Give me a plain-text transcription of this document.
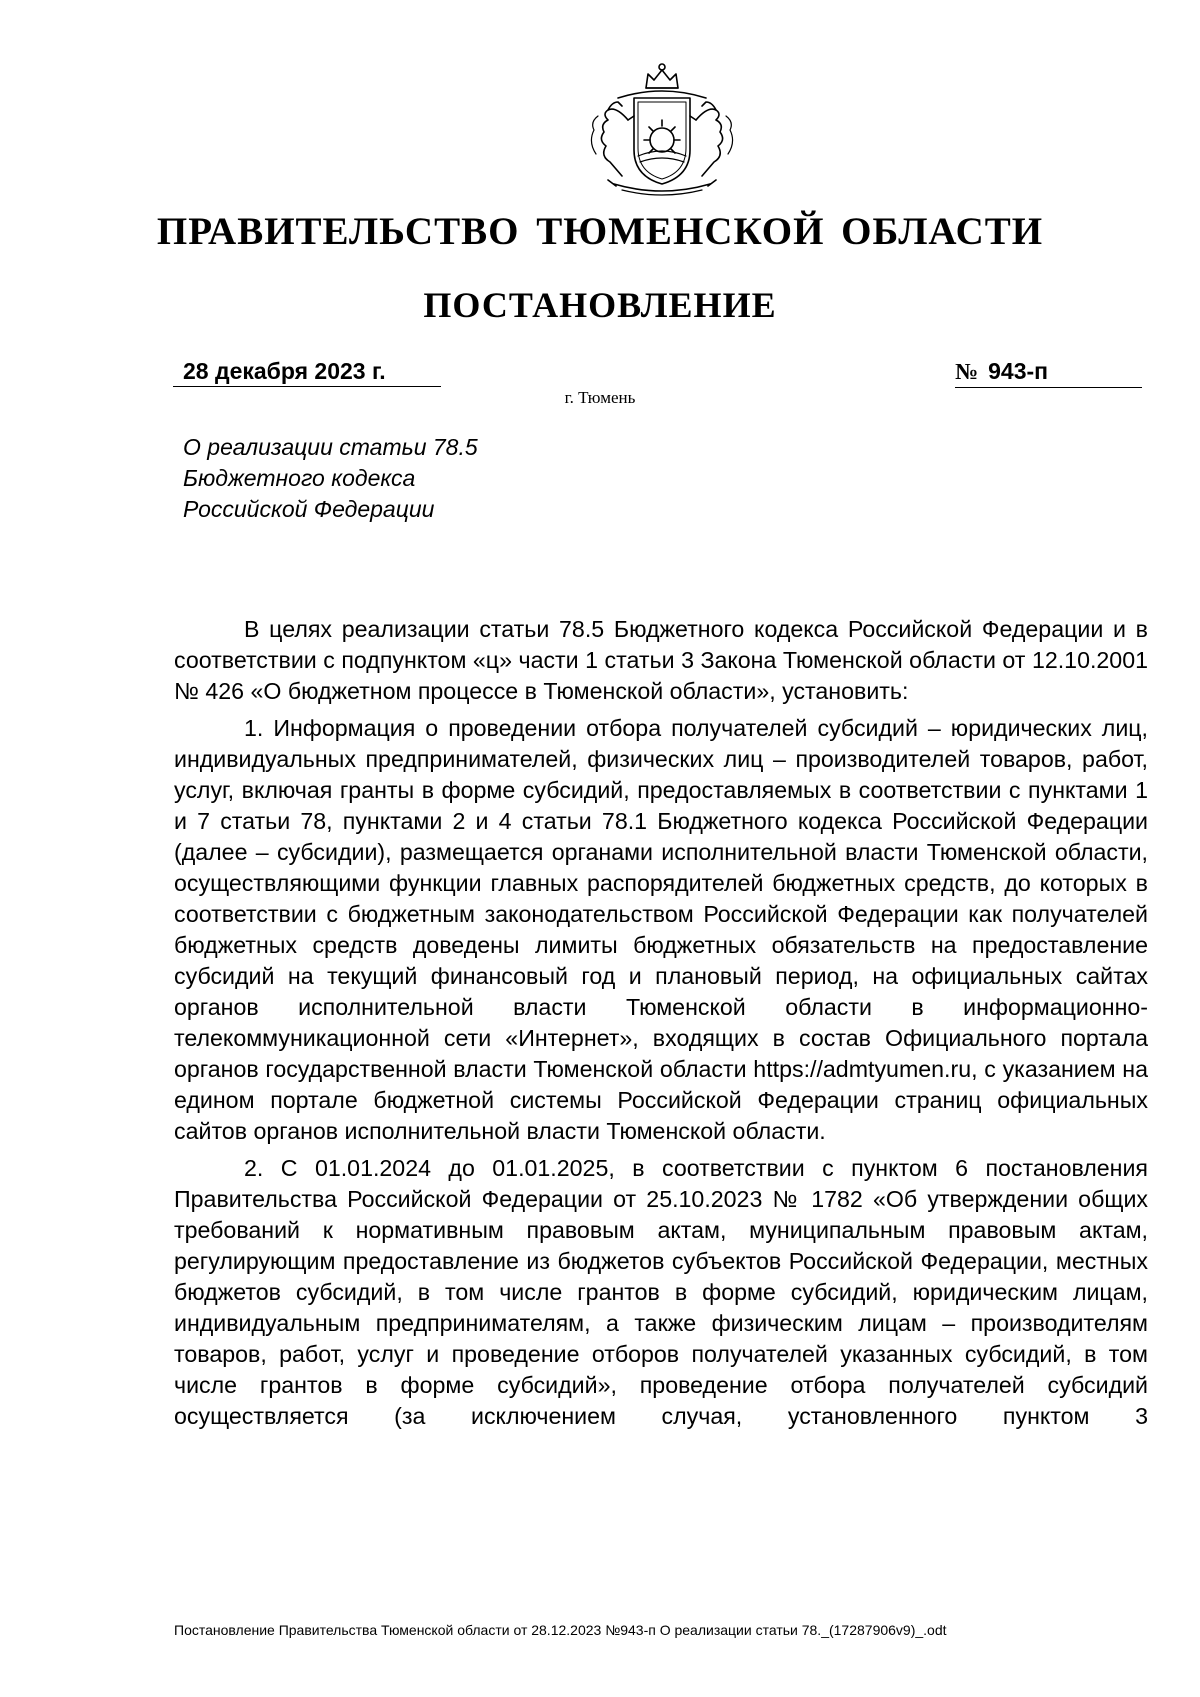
ПРАВИТЕЛЬСТВО ТЮМЕНСКОЙ ОБЛАСТИ
ПОСТАНОВЛЕНИЕ
28 декабря 2023 г.	№ 943-п
г. Тюмень
О реализации статьи 78.5
Бюджетного кодекса
Российской Федерации

В целях реализации статьи 78.5 Бюджетного кодекса Российской Федерации и в соответствии с подпунктом «ц» части 1 статьи 3 Закона Тюменской области от 12.10.2001 № 426 «О бюджетном процессе в Тюменской области», установить:

1. Информация о проведении отбора получателей субсидий – юридических лиц, индивидуальных предпринимателей, физических лиц – производителей товаров, работ, услуг, включая гранты в форме субсидий, предоставляемых в соответствии с пунктами 1 и 7 статьи 78, пунктами 2 и 4 статьи 78.1 Бюджетного кодекса Российской Федерации (далее – субсидии), размещается органами исполнительной власти Тюменской области, осуществляющими функции главных распорядителей бюджетных средств, до которых в соответствии с бюджетным законодательством Российской Федерации как получателей бюджетных средств доведены лимиты бюджетных обязательств на предоставление субсидий на текущий финансовый год и плановый период, на официальных сайтах органов исполнительной власти Тюменской области в информационно-телекоммуникационной сети «Интернет», входящих в состав Официального портала органов государственной власти Тюменской области https://admtyumen.ru, с указанием на едином портале бюджетной системы Российской Федерации страниц официальных сайтов органов исполнительной власти Тюменской области.

2. С 01.01.2024 до 01.01.2025, в соответствии с пунктом 6 постановления Правительства Российской Федерации от 25.10.2023 № 1782 «Об утверждении общих требований к нормативным правовым актам, муниципальным правовым актам, регулирующим предоставление из бюджетов субъектов Российской Федерации, местных бюджетов субсидий, в том числе грантов в форме субсидий, юридическим лицам, индивидуальным предпринимателям, а также физическим лицам – производителям товаров, работ, услуг и проведение отборов получателей указанных субсидий, в том числе грантов в форме субсидий», проведение отбора получателей субсидий осуществляется (за исключением случая, установленного пунктом 3

Постановление Правительства Тюменской области от 28.12.2023 №943-п О реализации статьи 78._(17287906v9)_.odt
